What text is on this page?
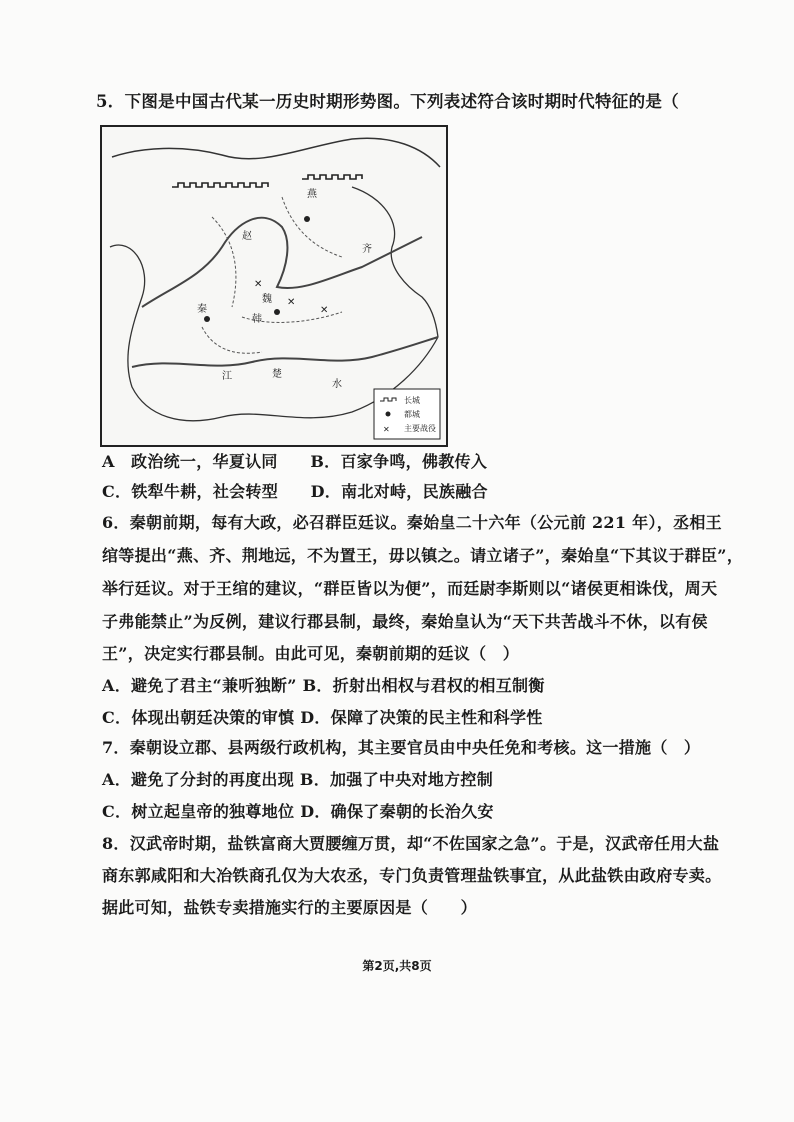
5．下图是中国古代某一历史时期形势图。下列表述符合该时期时代特征的是（
✕
✕
✕
燕
赵
秦
魏
韩
楚
齐
江
水
长城
都城
✕ 主要战役
A　政治统一，华夏认同　　B．百家争鸣，佛教传入
C．铁犁牛耕，社会转型　　D．南北对峙，民族融合
6．秦朝前期，每有大政，必召群臣廷议。秦始皇二十六年（公元前 221 年），丞相王
绾等提出“燕、齐、荆地远，不为置王，毋以镇之。请立诸子”，秦始皇“下其议于群臣”，
举行廷议。对于王绾的建议，“群臣皆以为便”，而廷尉李斯则以“诸侯更相诛伐，周天
子弗能禁止”为反例，建议行郡县制，最终，秦始皇认为“天下共苦战斗不休，以有侯
王”，决定实行郡县制。由此可见，秦朝前期的廷议（　）
A．避免了君主“兼听独断” B．折射出相权与君权的相互制衡
C．体现出朝廷决策的审慎 D．保障了决策的民主性和科学性
7．秦朝设立郡、县两级行政机构，其主要官员由中央任免和考核。这一措施（　）
A．避免了分封的再度出现 B．加强了中央对地方控制
C．树立起皇帝的独尊地位 D．确保了秦朝的长治久安
8．汉武帝时期，盐铁富商大贾腰缠万贯，却“不佐国家之急”。于是，汉武帝任用大盐
商东郭咸阳和大冶铁商孔仅为大农丞，专门负责管理盐铁事宜，从此盐铁由政府专卖。
据此可知，盐铁专卖措施实行的主要原因是（　　）
第2页,共8页
